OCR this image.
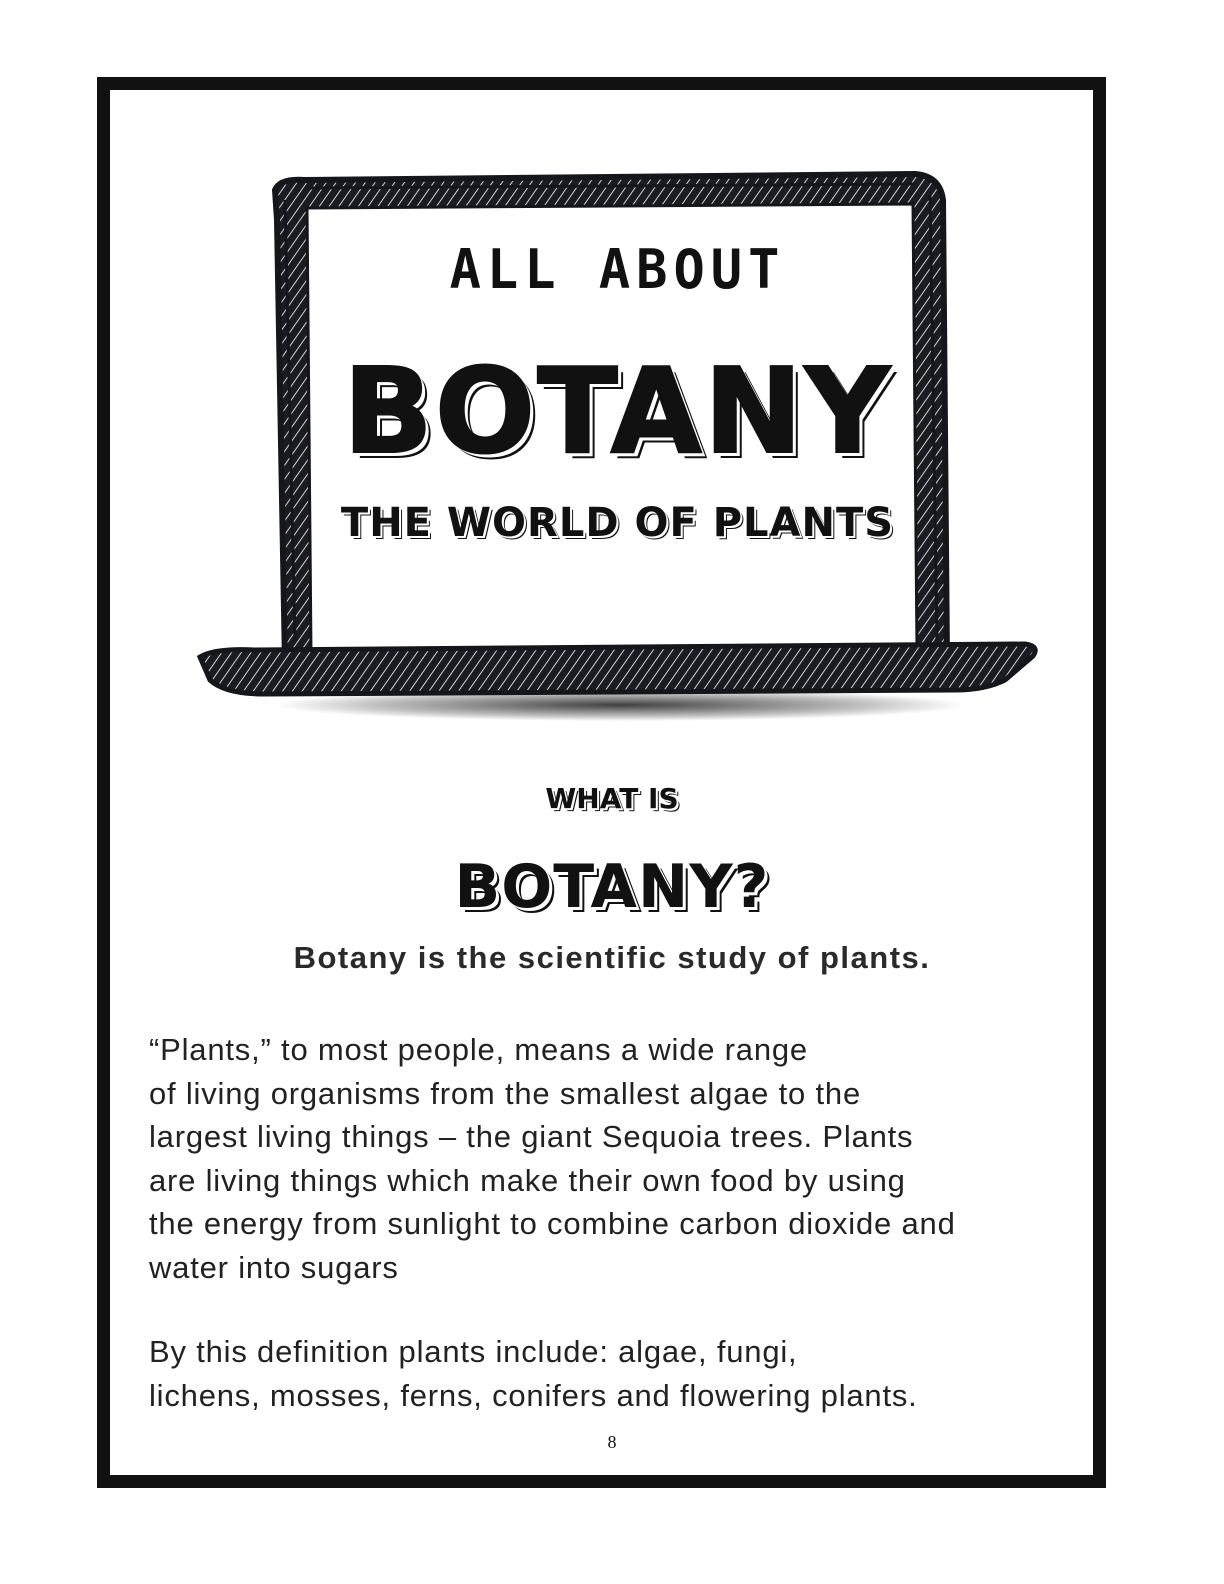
ALL ABOUT
BOTANY
THE WORLD OF PLANTS
WHAT IS
BOTANY?
Botany is the scientific study of plants.
“Plants,” to most people, means a wide range
of living organisms from the smallest algae to the
largest living things – the giant Sequoia trees. Plants
are living things which make their own food by using
the energy from sunlight to combine carbon dioxide and
water into sugars
By this definition plants include: algae, fungi,
lichens, mosses, ferns, conifers and flowering plants.
8
